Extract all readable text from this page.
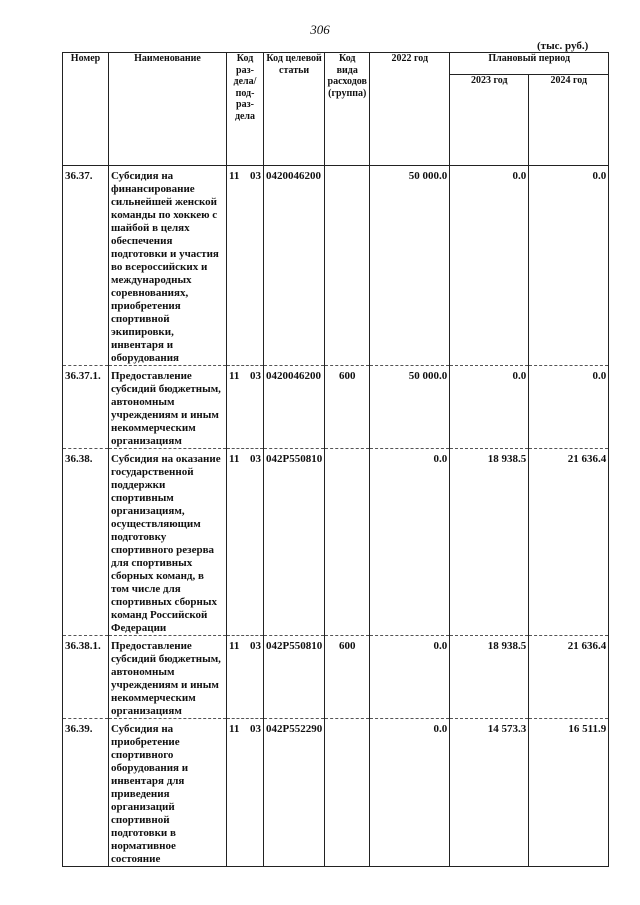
306
(тыс. руб.)
Номер	Наименование	Код раз- дела/ под- раз- дела	Код целевой статьи	Код вида расходов (группа)	2022 год	Плановый период	
						2023 год	2024 год
36.37.	Субсидия на финансирование сильнейшей женской команды по хоккею с шайбой в целях обеспечения подготовки и участия во всероссийских и международных соревнованиях, приобретения спортивной экипировки, инвентаря и оборудования	11 03	0420046200		50 000.0	0.0	0.0
36.37.1.	Предоставление субсидий бюджетным, автономным учреждениям и иным некоммерческим организациям	11 03	0420046200	600	50 000.0	0.0	0.0
36.38.	Субсидия на оказание государственной поддержки спортивным организациям, осуществляющим подготовку спортивного резерва для спортивных сборных команд, в том числе для спортивных сборных команд Российской Федерации	11 03	042P550810		0.0	18 938.5	21 636.4
36.38.1.	Предоставление субсидий бюджетным, автономным учреждениям и иным некоммерческим организациям	11 03	042P550810	600	0.0	18 938.5	21 636.4
36.39.	Субсидия на приобретение спортивного оборудования и инвентаря для приведения организаций спортивной подготовки в нормативное состояние	11 03	042P552290		0.0	14 573.3	16 511.9
